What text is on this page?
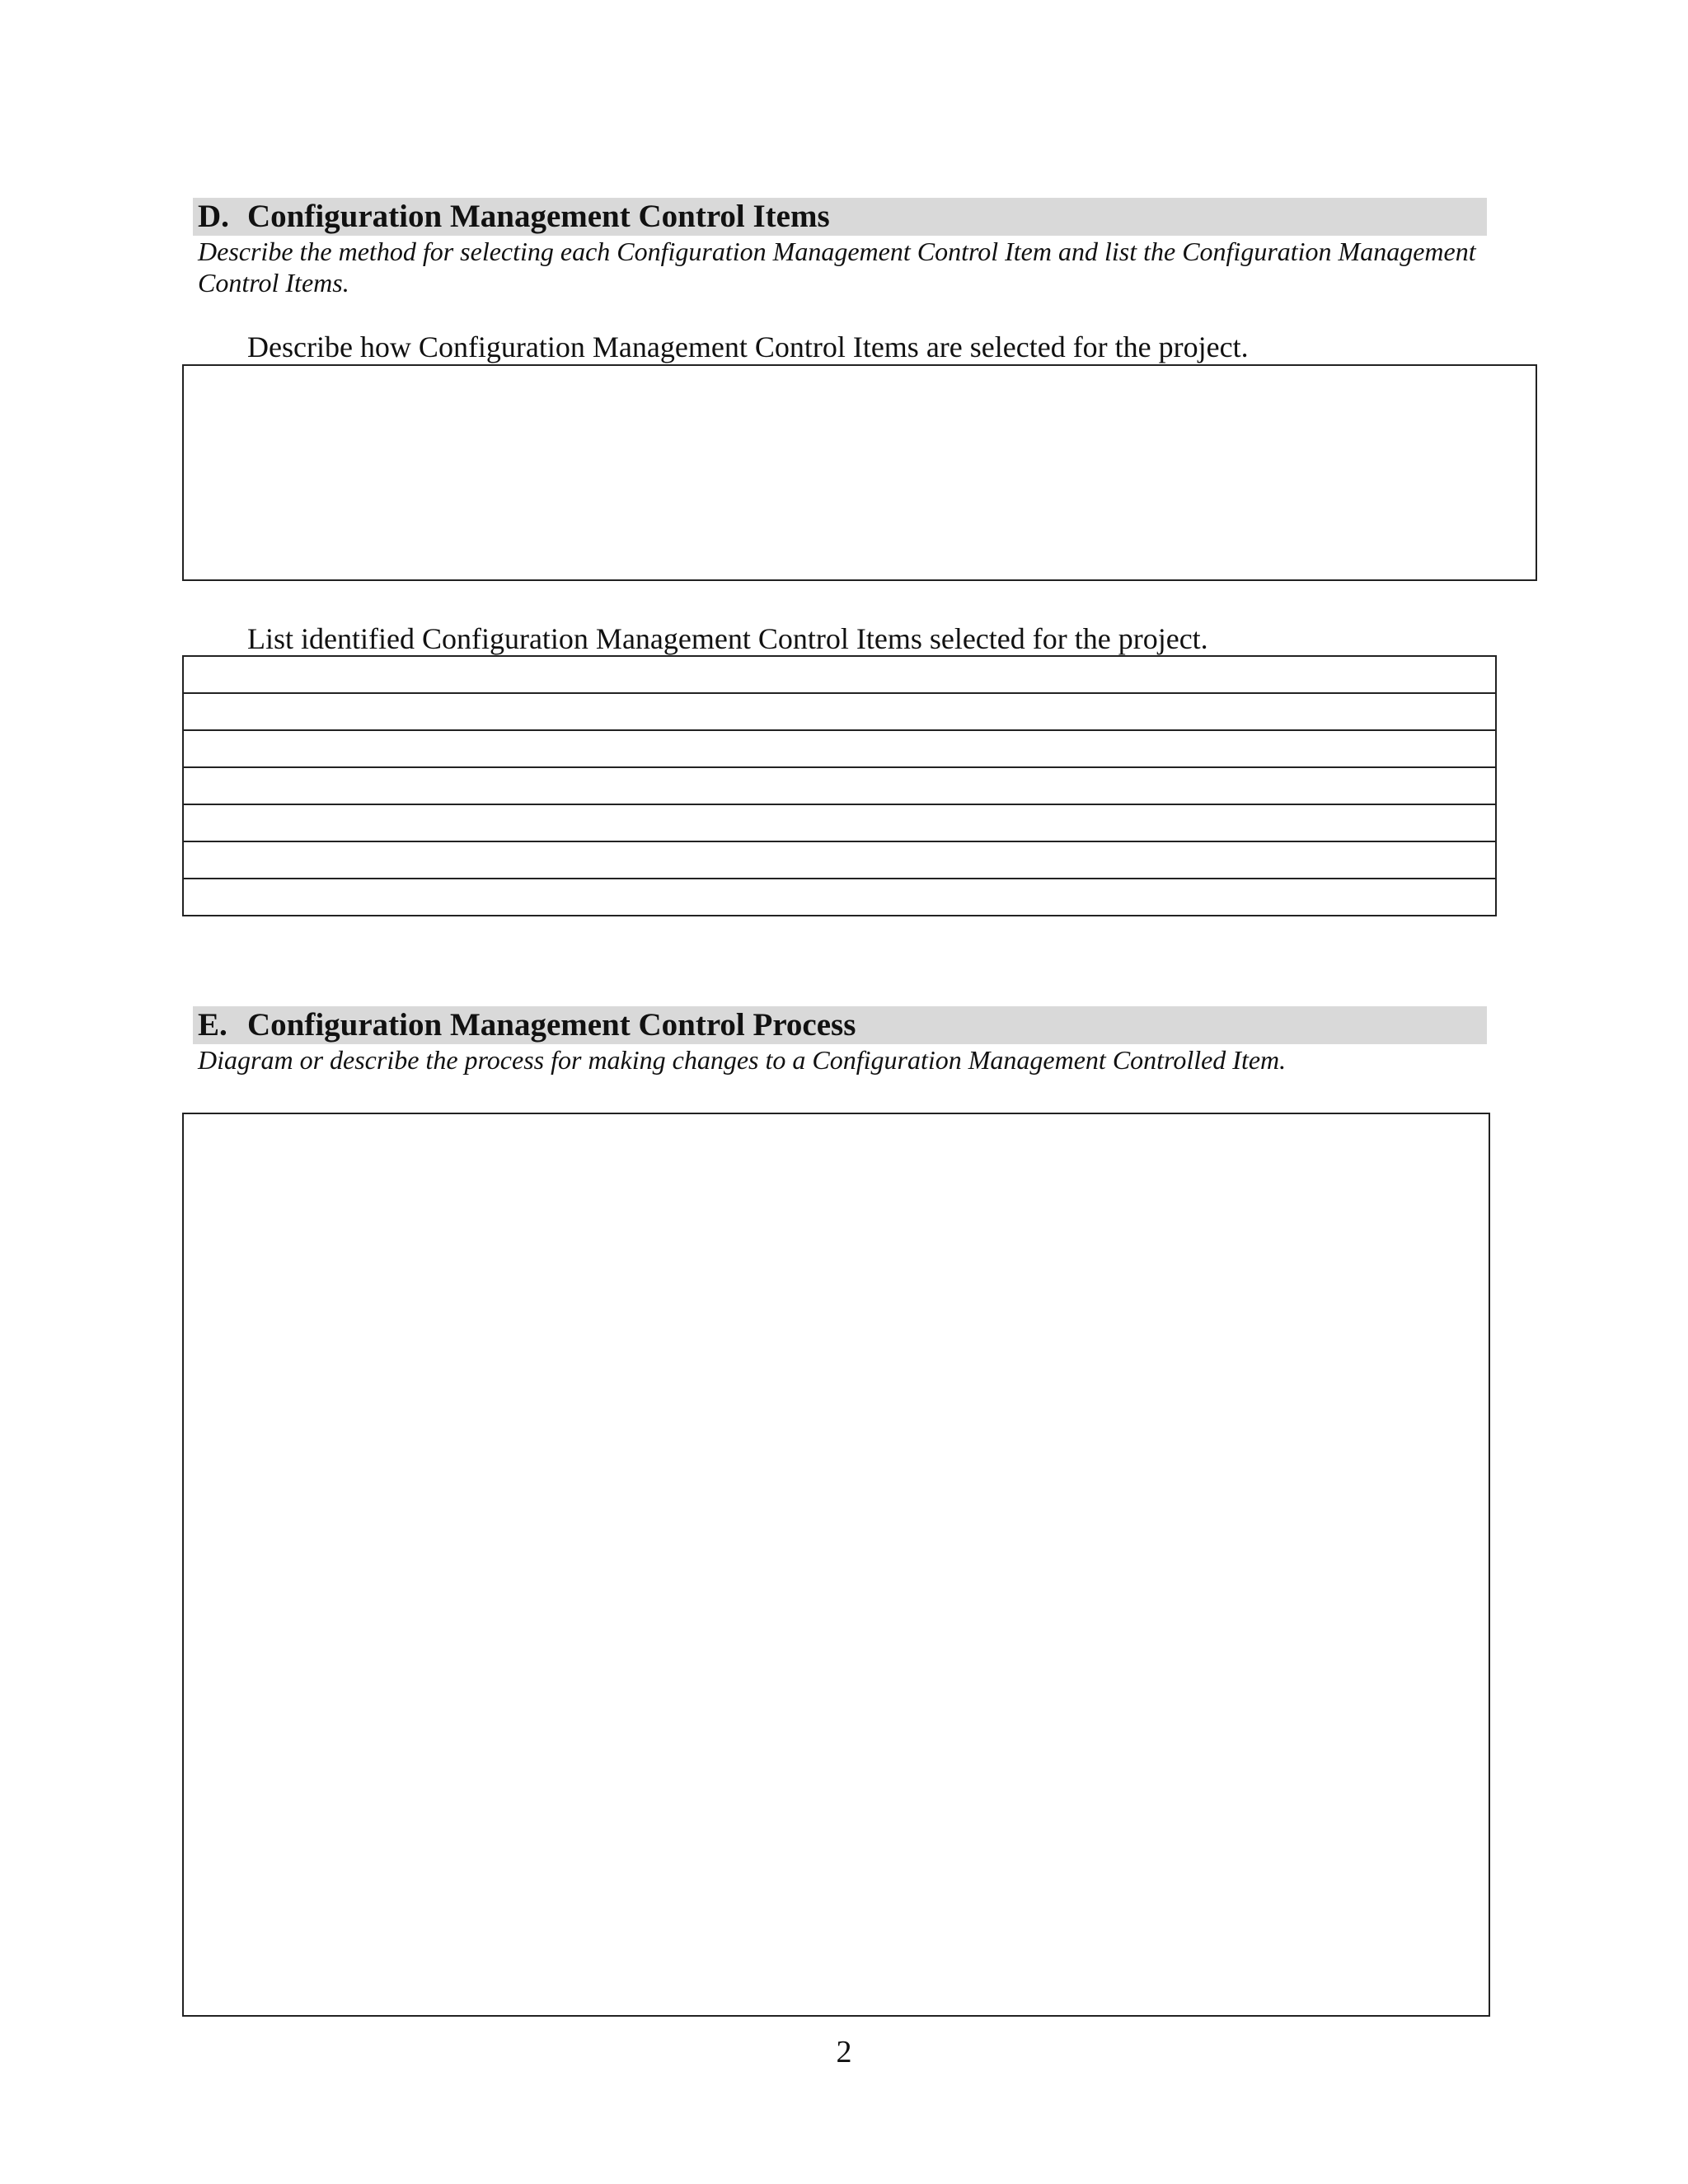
D. Configuration Management Control Items

Describe the method for selecting each Configuration Management Control Item and list the Configuration Management Control Items.

Describe how Configuration Management Control Items are selected for the project.

List identified Configuration Management Control Items selected for the project.

E. Configuration Management Control Process

Diagram or describe the process for making changes to a Configuration Management Controlled Item.

2
